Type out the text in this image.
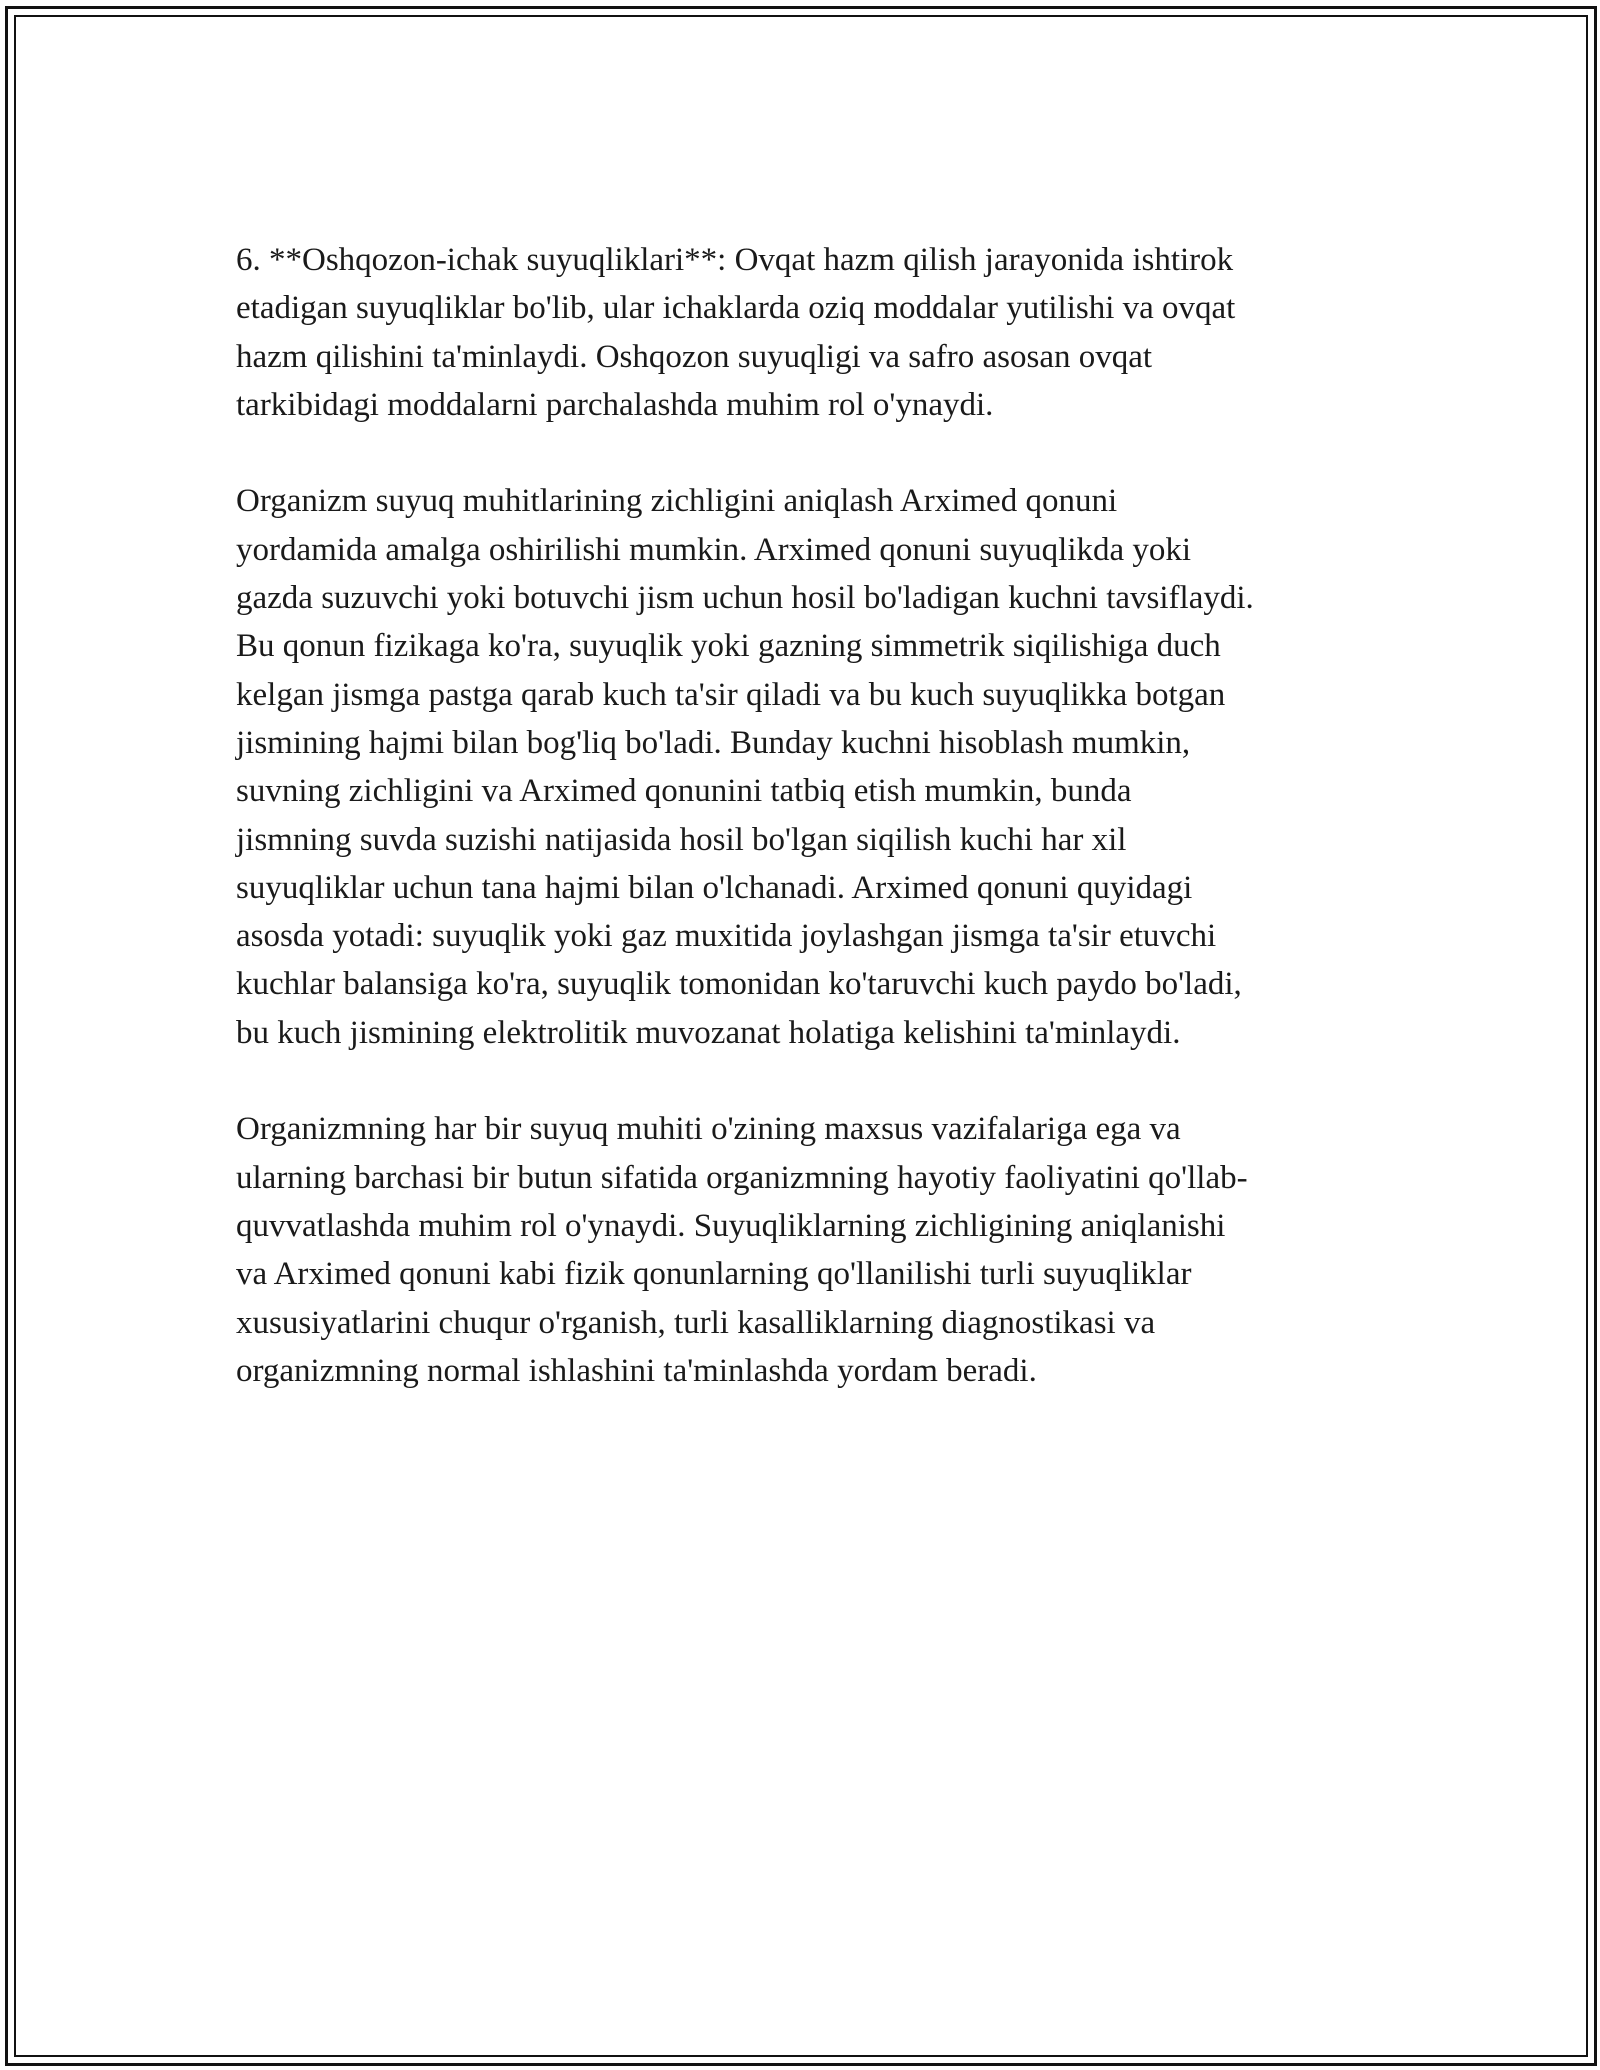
6. **Oshqozon-ichak suyuqliklari**: Ovqat hazm qilish jarayonida ishtirok
etadigan suyuqliklar bo'lib, ular ichaklarda oziq moddalar yutilishi va ovqat
hazm qilishini ta'minlaydi. Oshqozon suyuqligi va safro asosan ovqat
tarkibidagi moddalarni parchalashda muhim rol o'ynaydi.

Organizm suyuq muhitlarining zichligini aniqlash Arximed qonuni
yordamida amalga oshirilishi mumkin. Arximed qonuni suyuqlikda yoki
gazda suzuvchi yoki botuvchi jism uchun hosil bo'ladigan kuchni tavsiflaydi.
Bu qonun fizikaga ko'ra, suyuqlik yoki gazning simmetrik siqilishiga duch
kelgan jismga pastga qarab kuch ta'sir qiladi va bu kuch suyuqlikka botgan
jismining hajmi bilan bog'liq bo'ladi. Bunday kuchni hisoblash mumkin,
suvning zichligini va Arximed qonunini tatbiq etish mumkin, bunda
jismning suvda suzishi natijasida hosil bo'lgan siqilish kuchi har xil
suyuqliklar uchun tana hajmi bilan o'lchanadi. Arximed qonuni quyidagi
asosda yotadi: suyuqlik yoki gaz muxitida joylashgan jismga ta'sir etuvchi
kuchlar balansiga ko'ra, suyuqlik tomonidan ko'taruvchi kuch paydo bo'ladi,
bu kuch jismining elektrolitik muvozanat holatiga kelishini ta'minlaydi.

Organizmning har bir suyuq muhiti o'zining maxsus vazifalariga ega va
ularning barchasi bir butun sifatida organizmning hayotiy faoliyatini qo'llab-
quvvatlashda muhim rol o'ynaydi. Suyuqliklarning zichligining aniqlanishi
va Arximed qonuni kabi fizik qonunlarning qo'llanilishi turli suyuqliklar
xususiyatlarini chuqur o'rganish, turli kasalliklarning diagnostikasi va
organizmning normal ishlashini ta'minlashda yordam beradi.
